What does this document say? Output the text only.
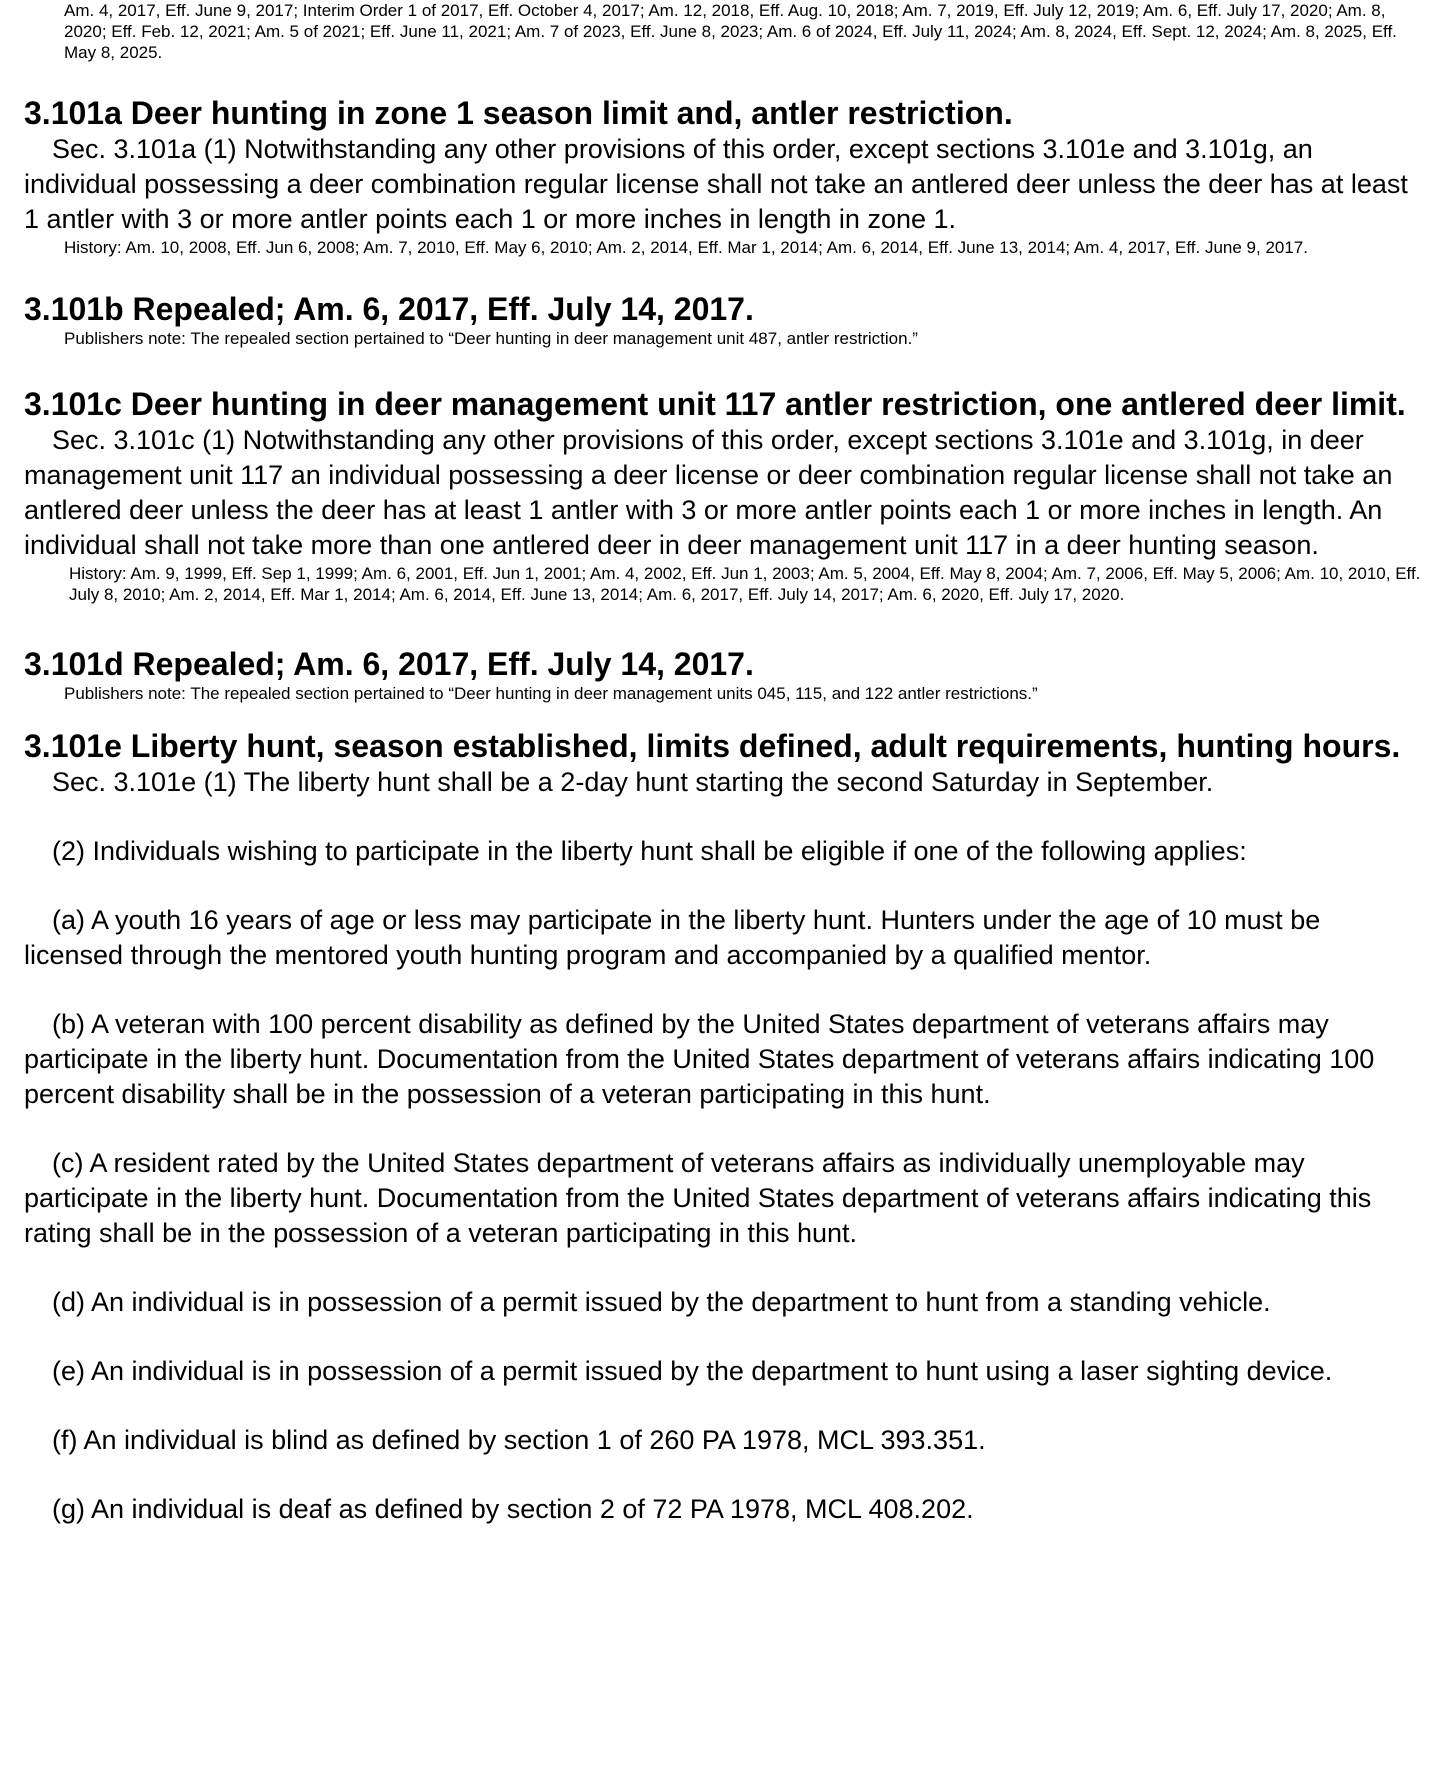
Am. 4, 2017, Eff. June 9, 2017; Interim Order 1 of 2017, Eff. October 4, 2017; Am. 12, 2018, Eff. Aug. 10, 2018; Am. 7, 2019, Eff. July 12, 2019; Am. 6, Eff. July 17, 2020; Am. 8, 2020; Eff. Feb. 12, 2021; Am. 5 of 2021; Eff. June 11, 2021; Am. 7 of 2023, Eff. June 8, 2023; Am. 6 of 2024, Eff. July 11, 2024; Am. 8, 2024, Eff. Sept. 12, 2024; Am. 8, 2025, Eff. May 8, 2025.

3.101a Deer hunting in zone 1 season limit and, antler restriction.

Sec. 3.101a (1) Notwithstanding any other provisions of this order, except sections 3.101e and 3.101g, an individual possessing a deer combination regular license shall not take an antlered deer unless the deer has at least 1 antler with 3 or more antler points each 1 or more inches in length in zone 1.

History: Am. 10, 2008, Eff. Jun 6, 2008; Am. 7, 2010, Eff. May 6, 2010; Am. 2, 2014, Eff. Mar 1, 2014; Am. 6, 2014, Eff. June 13, 2014; Am. 4, 2017, Eff. June 9, 2017.

3.101b Repealed; Am. 6, 2017, Eff. July 14, 2017.

Publishers note: The repealed section pertained to “Deer hunting in deer management unit 487, antler restriction.”

3.101c Deer hunting in deer management unit 117 antler restriction, one antlered deer limit.

Sec. 3.101c (1) Notwithstanding any other provisions of this order, except sections 3.101e and 3.101g, in deer management unit 117 an individual possessing a deer license or deer combination regular license shall not take an antlered deer unless the deer has at least 1 antler with 3 or more antler points each 1 or more inches in length. An individual shall not take more than one antlered deer in deer management unit 117 in a deer hunting season.

History: Am. 9, 1999, Eff. Sep 1, 1999; Am. 6, 2001, Eff. Jun 1, 2001; Am. 4, 2002, Eff. Jun 1, 2003; Am. 5, 2004, Eff. May 8, 2004; Am. 7, 2006, Eff. May 5, 2006; Am. 10, 2010, Eff. July 8, 2010; Am. 2, 2014, Eff. Mar 1, 2014; Am. 6, 2014, Eff. June 13, 2014; Am. 6, 2017, Eff. July 14, 2017; Am. 6, 2020, Eff. July 17, 2020.

3.101d Repealed; Am. 6, 2017, Eff. July 14, 2017.

Publishers note: The repealed section pertained to “Deer hunting in deer management units 045, 115, and 122 antler restrictions.”

3.101e Liberty hunt, season established, limits defined, adult requirements, hunting hours.

Sec. 3.101e (1) The liberty hunt shall be a 2-day hunt starting the second Saturday in September.

(2) Individuals wishing to participate in the liberty hunt shall be eligible if one of the following applies:

(a) A youth 16 years of age or less may participate in the liberty hunt. Hunters under the age of 10 must be licensed through the mentored youth hunting program and accompanied by a qualified mentor.

(b) A veteran with 100 percent disability as defined by the United States department of veterans affairs may participate in the liberty hunt. Documentation from the United States department of veterans affairs indicating 100 percent disability shall be in the possession of a veteran participating in this hunt.

(c) A resident rated by the United States department of veterans affairs as individually unemployable may participate in the liberty hunt. Documentation from the United States department of veterans affairs indicating this rating shall be in the possession of a veteran participating in this hunt.

(d) An individual is in possession of a permit issued by the department to hunt from a standing vehicle.

(e) An individual is in possession of a permit issued by the department to hunt using a laser sighting device.

(f) An individual is blind as defined by section 1 of 260 PA 1978, MCL 393.351.

(g) An individual is deaf as defined by section 2 of 72 PA 1978, MCL 408.202.
